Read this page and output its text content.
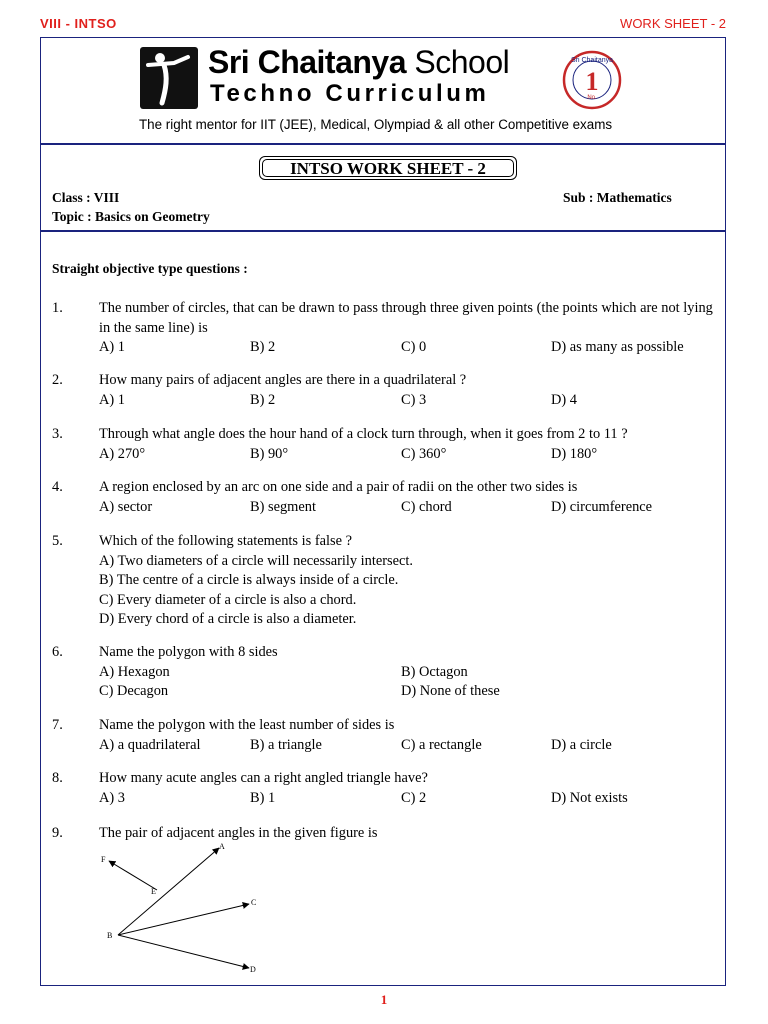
VIII - INTSO	WORK SHEET - 2
Sri Chaitanya School
Techno Curriculum
Sri Chaitanya
1
No.
The right mentor for IIT (JEE), Medical, Olympiad & all other Competitive exams
INTSO WORK SHEET - 2
Class : VIII	Sub : Mathematics
Topic : Basics on Geometry
Straight objective type questions :
1.	The number of circles, that can be drawn to pass through three given points (the points which are not lying in the same line) is
A) 1	B) 2	C) 0	D) as many as possible
2.	How many pairs of adjacent angles are there in a quadrilateral ?
A) 1	B) 2	C) 3	D) 4
3.	Through what angle does the hour hand of a clock turn through, when it goes from 2 to 11 ?
A) 270°	B) 90°	C) 360°	D) 180°
4.	A region enclosed by an arc on one side and a pair of radii on the other two sides is
A) sector	B) segment	C) chord	D) circumference
5.	Which of the following statements is false ?
A) Two diameters of a circle will necessarily intersect.
B) The centre of a circle is always inside of a circle.
C) Every diameter of a circle is also a chord.
D) Every chord of a circle is also a diameter.
6.	Name the polygon with 8 sides
A) Hexagon	B) Octagon
C) Decagon	D) None of these
7.	Name the polygon with the least number of sides is
A) a quadrilateral	B) a triangle	C) a rectangle	D) a circle
8.	How many acute angles can a right angled triangle have?
A) 3	B) 1	C) 2	D) Not exists
9.	The pair of adjacent angles in the given figure is
A
B
C
D
E
F
1
